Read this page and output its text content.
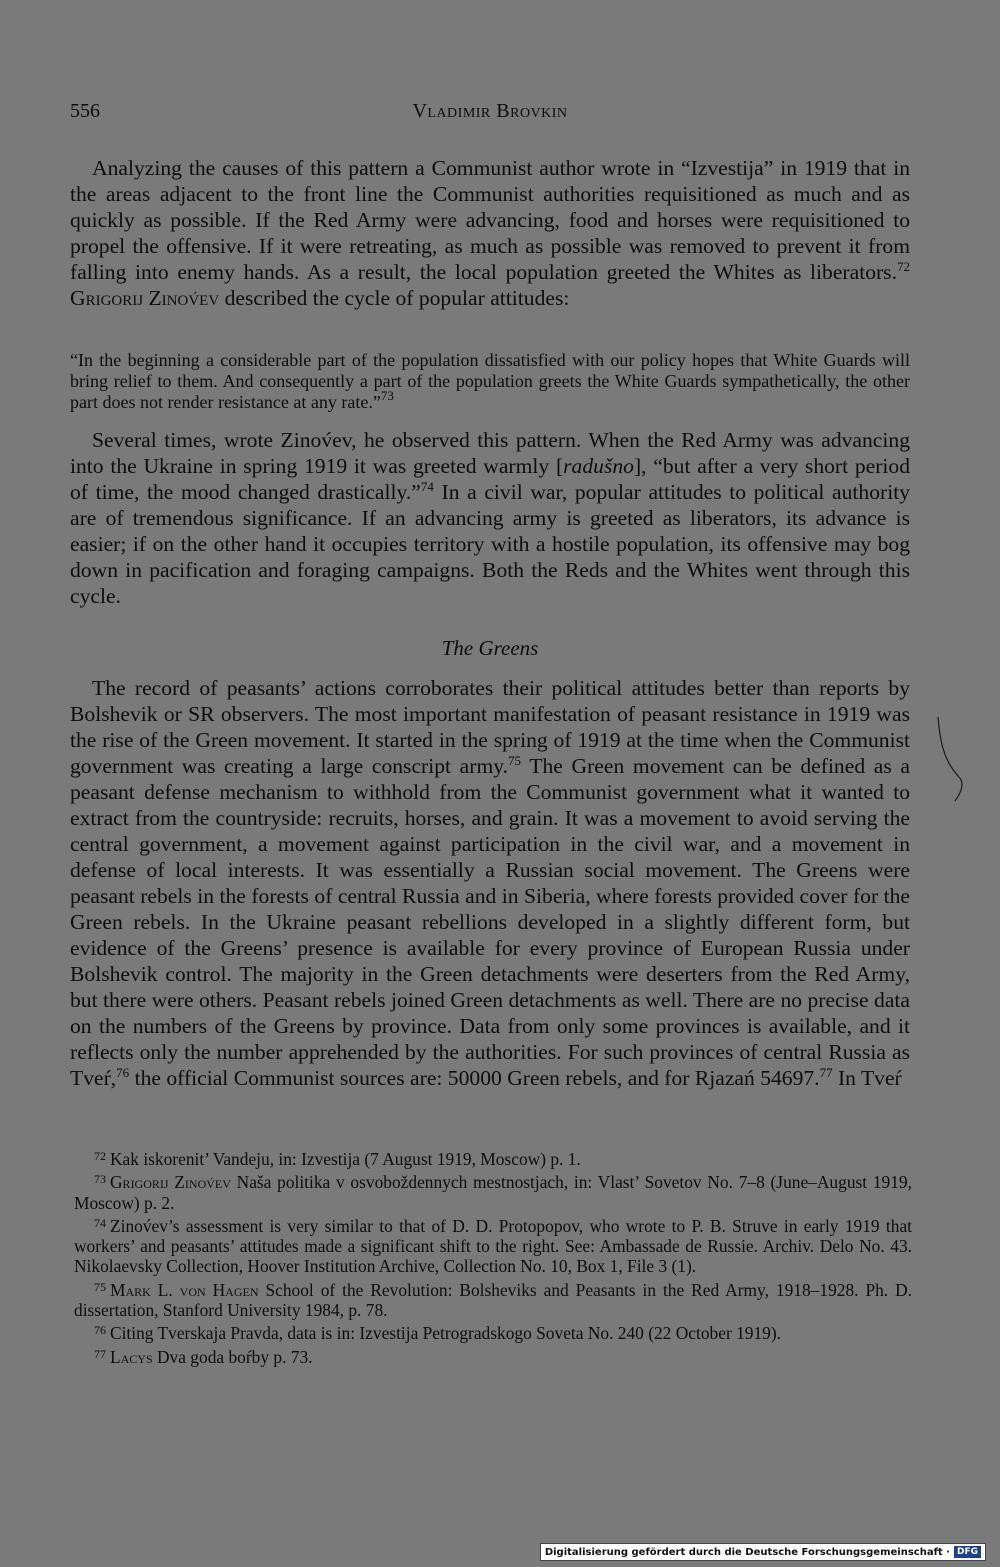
556	Vladimir Brovkin

Analyzing the causes of this pattern a Communist author wrote in “Izvestija” in 1919 that in the areas adjacent to the front line the Communist authorities requisitioned as much and as quickly as possible. If the Red Army were advancing, food and horses were requisitioned to propel the offensive. If it were retreating, as much as possible was removed to prevent it from falling into enemy hands. As a result, the local population greeted the Whites as liberators.$^{72}$ Grigorij Zinov́ev described the cycle of popular attitudes:

“In the beginning a considerable part of the population dissatisfied with our policy hopes that White Guards will bring relief to them. And consequently a part of the population greets the White Guards sympathetically, the other part does not render resistance at any rate.”$^{73}$

Several times, wrote Zinov́ev, he observed this pattern. When the Red Army was advancing into the Ukraine in spring 1919 it was greeted warmly [radušno], “but after a very short period of time, the mood changed drastically.”$^{74}$ In a civil war, popular attitudes to political authority are of tremendous significance. If an advancing army is greeted as liberators, its advance is easier; if on the other hand it occupies territory with a hostile population, its offensive may bog down in pacification and foraging campaigns. Both the Reds and the Whites went through this cycle.

The Greens

The record of peasants’ actions corroborates their political attitudes better than reports by Bolshevik or SR observers. The most important manifestation of peasant resistance in 1919 was the rise of the Green movement. It started in the spring of 1919 at the time when the Communist government was creating a large conscript army.$^{75}$ The Green movement can be defined as a peasant defense mechanism to withhold from the Communist government what it wanted to extract from the countryside: recruits, horses, and grain. It was a movement to avoid serving the central government, a movement against participation in the civil war, and a movement in defense of local interests. It was essentially a Russian social movement. The Greens were peasant rebels in the forests of central Russia and in Siberia, where forests provided cover for the Green rebels. In the Ukraine peasant rebellions developed in a slightly different form, but evidence of the Greens’ presence is available for every province of European Russia under Bolshevik control. The majority in the Green detachments were deserters from the Red Army, but there were others. Peasant rebels joined Green detachments as well. There are no precise data on the numbers of the Greens by province. Data from only some provinces is available, and it reflects only the number apprehended by the authorities. For such provinces of central Russia as Tveŕ,$^{76}$ the official Communist sources are: 50000 Green rebels, and for Rjazań 54697.77 In Tveŕ

$^{72}$ Kak iskorenit’ Vandeju, in: Izvestija (7 August 1919, Moscow) p. 1.

$^{73}$ Grigorij Zinov́ev Naša politika v osvoboždennych mestnostjach, in: Vlast’ Sovetov No. 7–8 (June–August 1919, Moscow) p. 2.

$^{74}$ Zinov́ev’s assessment is very similar to that of D. D. Protopopov, who wrote to P. B. Struve in early 1919 that workers’ and peasants’ attitudes made a significant shift to the right. See: Ambassade de Russie. Archiv. Delo No. 43. Nikolaevsky Collection, Hoover Institution Archive, Collection No. 10, Box 1, File 3 (1).

$^{75}$ Mark L. von Hagen School of the Revolution: Bolsheviks and Peasants in the Red Army, 1918–1928. Ph. D. dissertation, Stanford University 1984, p. 78.

$^{76}$ Citing Tverskaja Pravda, data is in: Izvestija Petrogradskogo Soveta No. 240 (22 October 1919).

$^{77}$ Lacys Dva goda boŕby p. 73.

Digitalisierung gefördert durch die Deutsche Forschungsgemeinschaft · DFG
